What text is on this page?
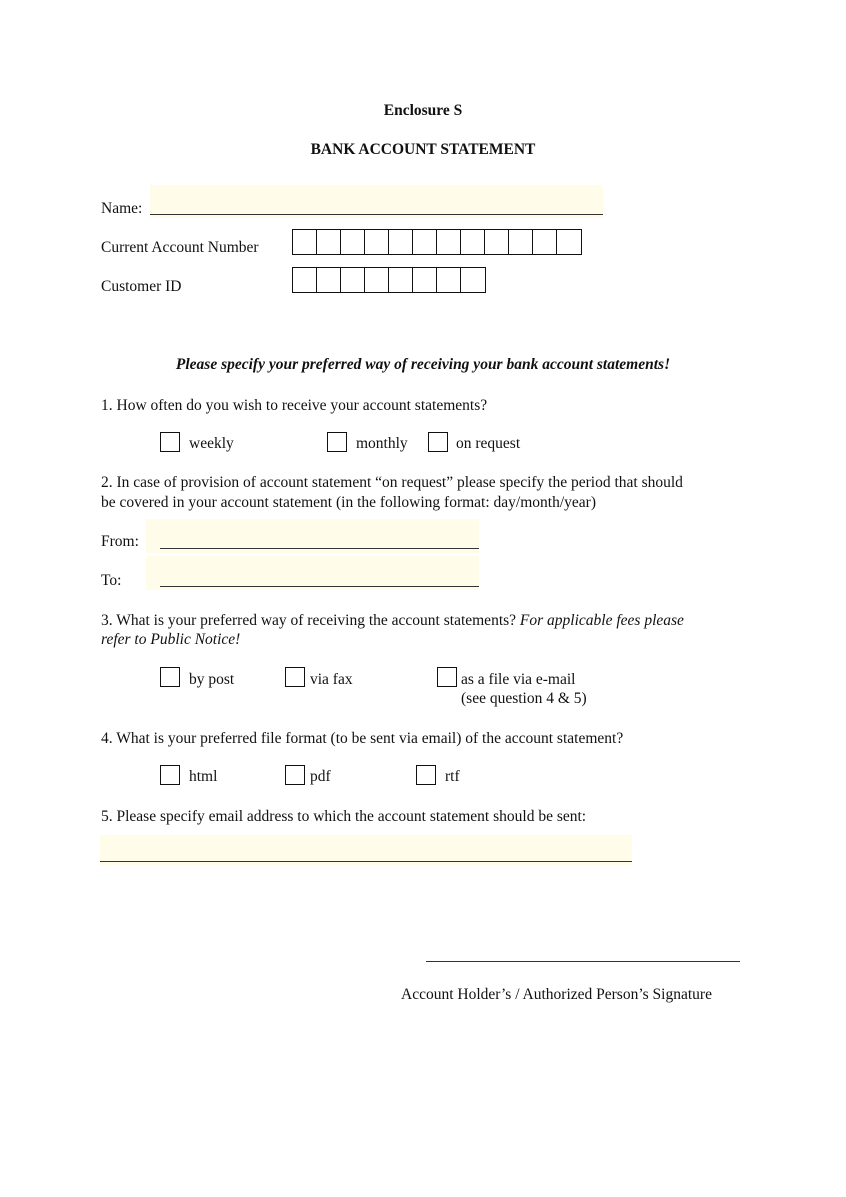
Enclosure S
BANK ACCOUNT STATEMENT
Name:
Current Account Number
Customer ID
Please specify your preferred way of receiving your bank account statements!
1. How often do you wish to receive your account statements?
weekly	monthly	on request
2. In case of provision of account statement “on request” please specify the period that should
be covered in your account statement (in the following format: day/month/year)
From:
To:
3. What is your preferred way of receiving the account statements? For applicable fees please
refer to Public Notice!
by post	via fax	as a file via e-mail
(see question 4 & 5)
4. What is your preferred file format (to be sent via email) of the account statement?
html	pdf	rtf
5. Please specify email address to which the account statement should be sent:
Account Holder’s / Authorized Person’s Signature
